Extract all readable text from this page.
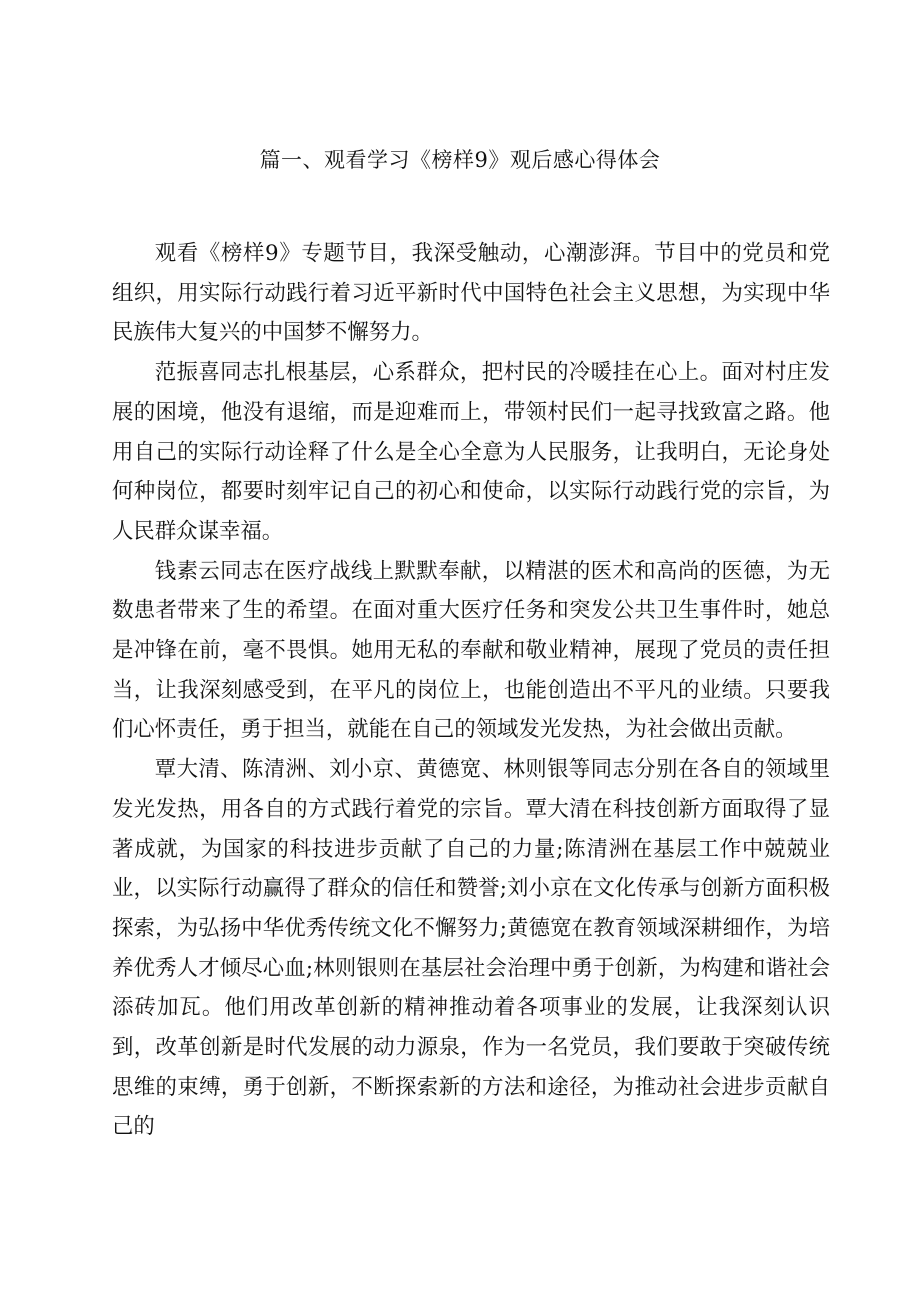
篇一、观看学习《榜样9》观后感心得体会

观看《榜样9》专题节目，我深受触动，心潮澎湃。节目中的党员和党组织，用实际行动践行着习近平新时代中国特色社会主义思想，为实现中华民族伟大复兴的中国梦不懈努力。

范振喜同志扎根基层，心系群众，把村民的冷暖挂在心上。面对村庄发展的困境，他没有退缩，而是迎难而上，带领村民们一起寻找致富之路。他用自己的实际行动诠释了什么是全心全意为人民服务，让我明白，无论身处何种岗位，都要时刻牢记自己的初心和使命，以实际行动践行党的宗旨，为人民群众谋幸福。

钱素云同志在医疗战线上默默奉献，以精湛的医术和高尚的医德，为无数患者带来了生的希望。在面对重大医疗任务和突发公共卫生事件时，她总是冲锋在前，毫不畏惧。她用无私的奉献和敬业精神，展现了党员的责任担当，让我深刻感受到，在平凡的岗位上，也能创造出不平凡的业绩。只要我们心怀责任，勇于担当，就能在自己的领域发光发热，为社会做出贡献。

覃大清、陈清洲、刘小京、黄德宽、林则银等同志分别在各自的领域里发光发热，用各自的方式践行着党的宗旨。覃大清在科技创新方面取得了显著成就，为国家的科技进步贡献了自己的力量;陈清洲在基层工作中兢兢业业，以实际行动赢得了群众的信任和赞誉;刘小京在文化传承与创新方面积极探索，为弘扬中华优秀传统文化不懈努力;黄德宽在教育领域深耕细作，为培养优秀人才倾尽心血;林则银则在基层社会治理中勇于创新，为构建和谐社会添砖加瓦。他们用改革创新的精神推动着各项事业的发展，让我深刻认识到，改革创新是时代发展的动力源泉，作为一名党员，我们要敢于突破传统思维的束缚，勇于创新，不断探索新的方法和途径，为推动社会进步贡献自己的
